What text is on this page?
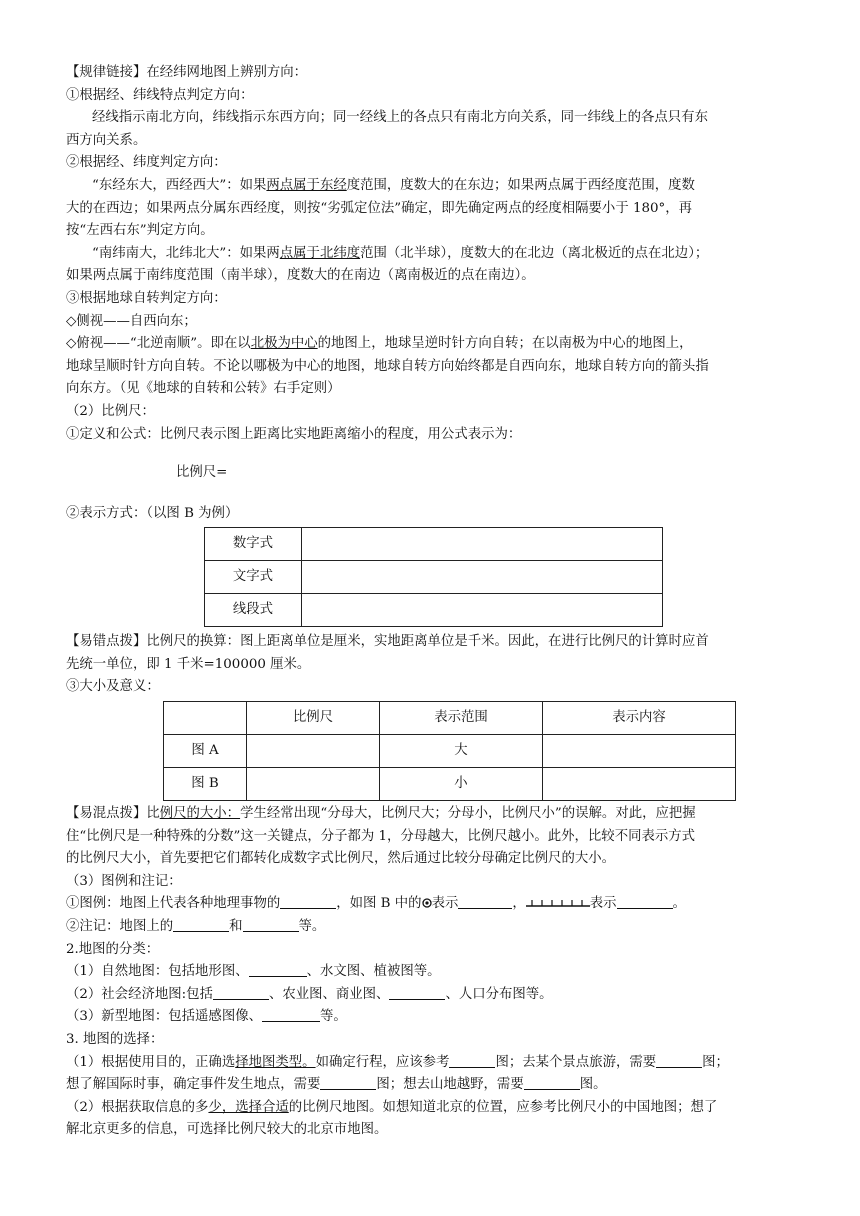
【规律链接】在经纬网地图上辨别方向：

①根据经、纬线特点判定方向：

经线指示南北方向，纬线指示东西方向；同一经线上的各点只有南北方向关系，同一纬线上的各点只有东

西方向关系。

②根据经、纬度判定方向：

“东经东大，西经西大”：如果两点属于东经度范围，度数大的在东边；如果两点属于西经度范围，度数

大的在西边；如果两点分属东西经度，则按“劣弧定位法”确定，即先确定两点的经度相隔要小于 180°，再

按“左西右东”判定方向。

“南纬南大，北纬北大”：如果两点属于北纬度范围（北半球），度数大的在北边（离北极近的点在北边）；

如果两点属于南纬度范围（南半球），度数大的在南边（离南极近的点在南边）。

③根据地球自转判定方向：

◇侧视——自西向东；

◇俯视——“北逆南顺”。即在以北极为中心的地图上，地球呈逆时针方向自转；在以南极为中心的地图上，

地球呈顺时针方向自转。不论以哪极为中心的地图，地球自转方向始终都是自西向东，地球自转方向的箭头指

向东方。（见《地球的自转和公转》右手定则）

（2）比例尺：

①定义和公式：比例尺表示图上距离比实地距离缩小的程度，用公式表示为：

比例尺=

②表示方式：（以图 B 为例）

数字式	
文字式	
线段式	

【易错点拨】比例尺的换算：图上距离单位是厘米，实地距离单位是千米。因此，在进行比例尺的计算时应首

先统一单位，即 1 千米=100000 厘米。

③大小及意义：

	比例尺	表示范围	表示内容
图 A		大	
图 B		小	

【易混点拨】比例尺的大小：学生经常出现“分母大，比例尺大；分母小，比例尺小”的误解。对此，应把握

住“比例尺是一种特殊的分数”这一关键点，分子都为 1，分母越大，比例尺越小。此外，比较不同表示方式

的比例尺大小，首先要把它们都转化成数字式比例尺，然后通过比较分母确定比例尺的大小。

（3）图例和注记：

①图例：地图上代表各种地理事物的	，如图 B 中的 表示	，	表示	。

②注记：地图上的	和	等。

2.地图的分类：

（1）自然地图：包括地形图、	、水文图、植被图等。

（2）社会经济地图:包括	、农业图、商业图、	、人口分布图等。

（3）新型地图：包括遥感图像、	等。

3. 地图的选择：

（1）根据使用目的，正确选择地图类型。如确定行程，应该参考	图；去某个景点旅游，需要	图；

想了解国际时事，确定事件发生地点，需要	图；想去山地越野，需要	图。

（2）根据获取信息的多少，选择合适的比例尺地图。如想知道北京的位置，应参考比例尺小的中国地图；想了

解北京更多的信息，可选择比例尺较大的北京市地图。
